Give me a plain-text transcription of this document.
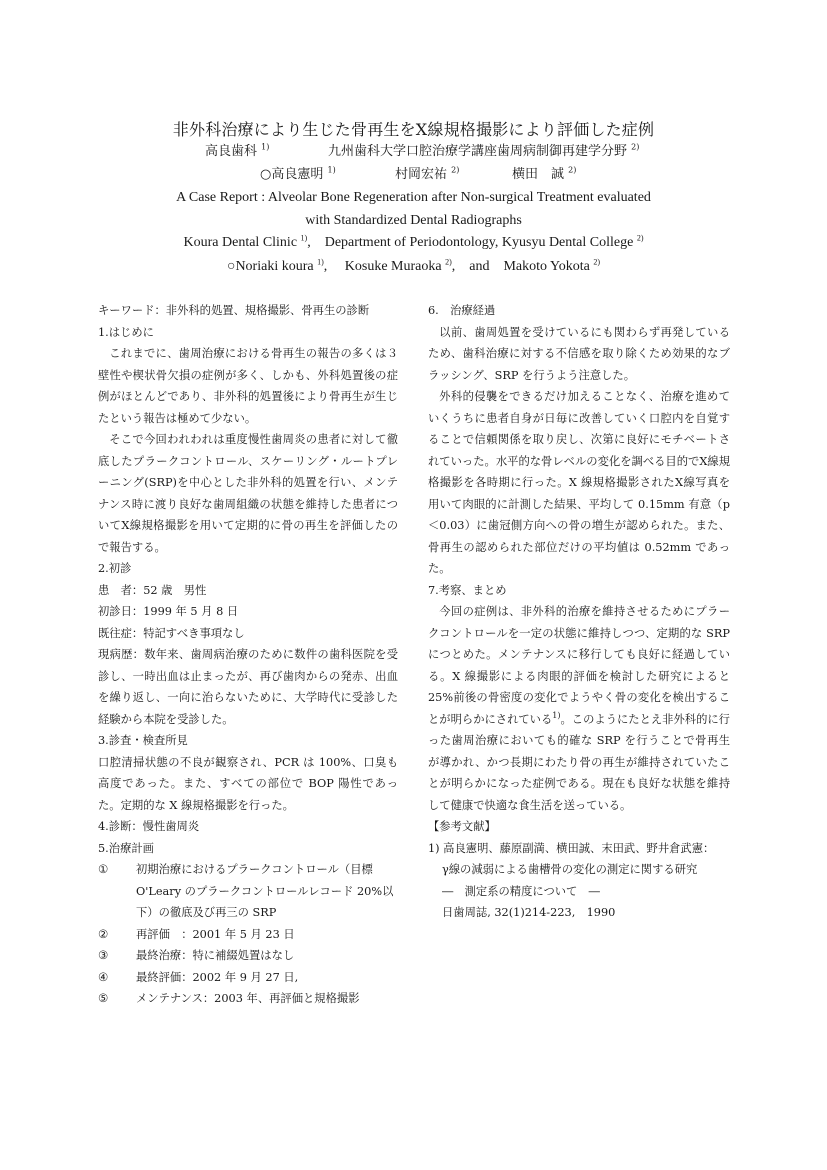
非外科治療により生じた骨再生をX線規格撮影により評価した症例
高良歯科 $^{1)}$	九州歯科大学口腔治療学講座歯周病制御再建学分野 $^{2)}$
○高良憲明 $^{1)}$	村岡宏祐 $^{2)}$	横田　誠 $^{2)}$
A Case Report : Alveolar Bone Regeneration after Non-surgical Treatment evaluated
with Standardized Dental Radiographs
Koura Dental Clinic $^{1)}$, Department of Periodontology, Kyusyu Dental College $^{2)}$
○Noriaki koura $^{1)}$, Kosuke Muraoka $^{2)}$, and Makoto Yokota $^{2)}$
キーワード：非外科的処置、規格撮影、骨再生の診断
1.はじめに

これまでに、歯周治療における骨再生の報告の多くは３壁性や楔状骨欠損の症例が多く、しかも、外科処置後の症例がほとんどであり、非外科的処置後により骨再生が生じたという報告は極めて少ない。

そこで今回われわれは重度慢性歯周炎の患者に対して徹底したプラークコントロール、スケーリング・ルートプレーニング(SRP)を中心とした非外科的処置を行い、メンテナンス時に渡り良好な歯周組織の状態を維持した患者についてX線規格撮影を用いて定期的に骨の再生を評価したので報告する。

2.初診
患　者：52 歳　男性
初診日：1999 年 5 月 8 日
既往症：特記すべき事項なし

現病歴：数年来、歯周病治療のために数件の歯科医院を受診し、一時出血は止まったが、再び歯肉からの発赤、出血を繰り返し、一向に治らないために、大学時代に受診した経験から本院を受診した。

3.診査・検査所見

口腔清掃状態の不良が観察され、PCR は 100%、口臭も高度であった。また、すべての部位で BOP 陽性であった。定期的な X 線規格撮影を行った。

4.診断：慢性歯周炎
5.治療計画
①	初期治療におけるプラークコントロール（目標 O'Leary のプラークコントロールレコード 20%以下）の徹底及び再三の SRP
②	再評価　：2001 年 5 月 23 日
③	最終治療：特に補綴処置はなし
④	最終評価：2002 年 9 月 27 日,
⑤	メンテナンス：2003 年、再評価と規格撮影
6.　治療経過

以前、歯周処置を受けているにも関わらず再発しているため、歯科治療に対する不信感を取り除くため効果的なブラッシング、SRP を行うよう注意した。

外科的侵襲をできるだけ加えることなく、治療を進めていくうちに患者自身が日毎に改善していく口腔内を自覚することで信頼関係を取り戻し、次第に良好にモチベートされていった。水平的な骨レベルの変化を調べる目的でX線規格撮影を各時期に行った。X 線規格撮影されたX線写真を用いて肉眼的に計測した結果、平均して 0.15mm 有意（p＜0.03）に歯冠側方向への骨の増生が認められた。また、骨再生の認められた部位だけの平均値は 0.52mm であった。

7.考察、まとめ

今回の症例は、非外科的治療を維持させるためにプラークコントロールを一定の状態に維持しつつ、定期的な SRP につとめた。メンテナンスに移行しても良好に経過している。X 線撮影による肉眼的評価を検討した研究によると 25%前後の骨密度の変化でようやく骨の変化を検出することが明らかにされている$^{1)}$。このようにたとえ非外科的に行った歯周治療においても的確な SRP を行うことで骨再生が導かれ、かつ長期にわたり骨の再生が維持されていたことが明らかになった症例である。現在も良好な状態を維持して健康で快適な食生活を送っている。

【参考文献】
1) 高良憲明、藤原副満、横田誠、末田武、野井倉武憲：
γ線の減弱による歯槽骨の変化の測定に関する研究
―　測定系の精度について　―
日歯周誌, 32(1)214-223,　1990
